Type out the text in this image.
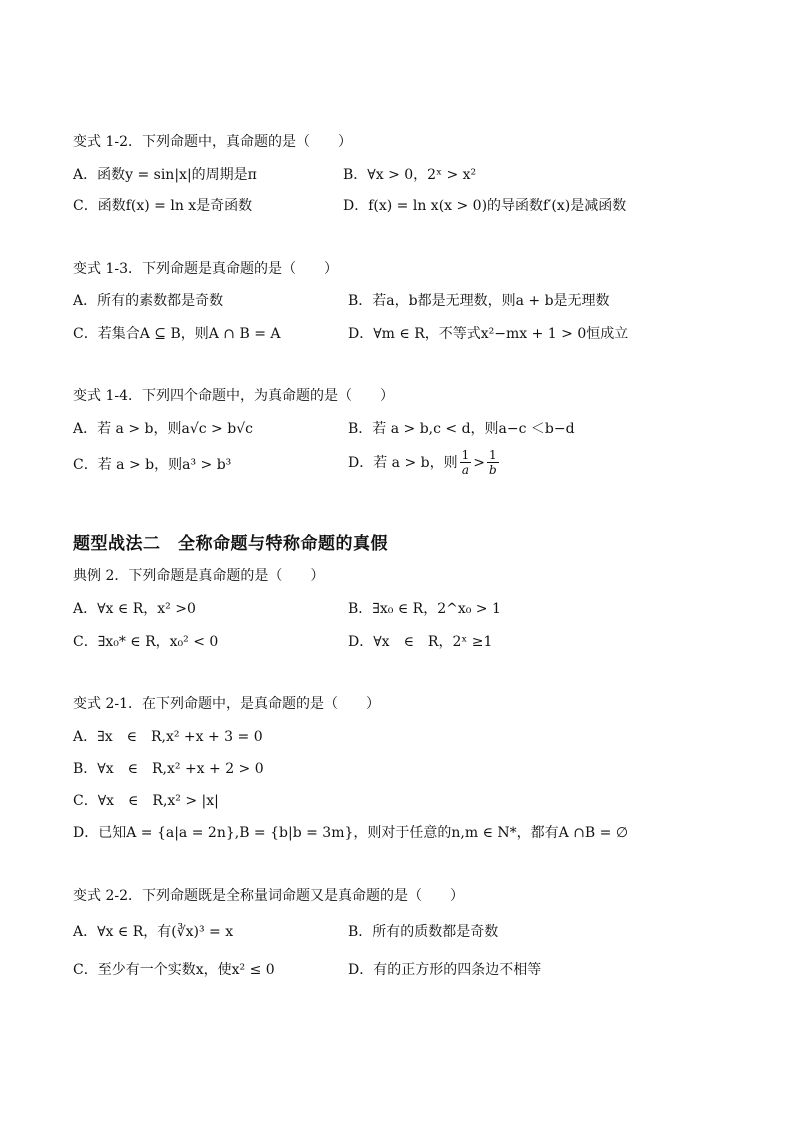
变式 1-2．下列命题中，真命题的是（　　）
A．函数y = sin|x|的周期是π	B．∀x > 0，2ˣ > x²
C．函数f(x) = ln x是奇函数	D．f(x) = ln x(x > 0)的导函数f′(x)是减函数
变式 1-3．下列命题是真命题的是（　　）
A．所有的素数都是奇数	B．若a，b都是无理数，则a + b是无理数
C．若集合A ⊆ B，则A ∩ B = A	D．∀m ∈ R，不等式x²−mx + 1 > 0恒成立
变式 1-4．下列四个命题中，为真命题的是（　　）
A．若 a > b，则a√c > b√c	B．若 a > b,c < d，则a−c ＜b−d
C．若 a > b，则a³ > b³	D．若 a > b，则 $\frac{1}{a} > \frac{1}{b}$
题型战法二　全称命题与特称命题的真假
典例 2．下列命题是真命题的是（　　）
A．∀x ∈ R，x² >0	B．∃x₀ ∈ R，2^x₀ > 1
C．∃x₀* ∈ R，x₀² < 0	D．∀x　∈　R，2ˣ ≥1
变式 2-1．在下列命题中，是真命题的是（　　）
A．∃x　∈　R,x² +x + 3 = 0
B．∀x　∈　R,x² +x + 2 > 0
C．∀x　∈　R,x² > |x|
D．已知A = {a|a = 2n},B = {b|b = 3m}，则对于任意的n,m ∈ N*，都有A ∩B = ∅
变式 2-2．下列命题既是全称量词命题又是真命题的是（　　）
A．∀x ∈ R，有(∛x)³ = x	B．所有的质数都是奇数
C．至少有一个实数x，使x² ≤ 0	D．有的正方形的四条边不相等
